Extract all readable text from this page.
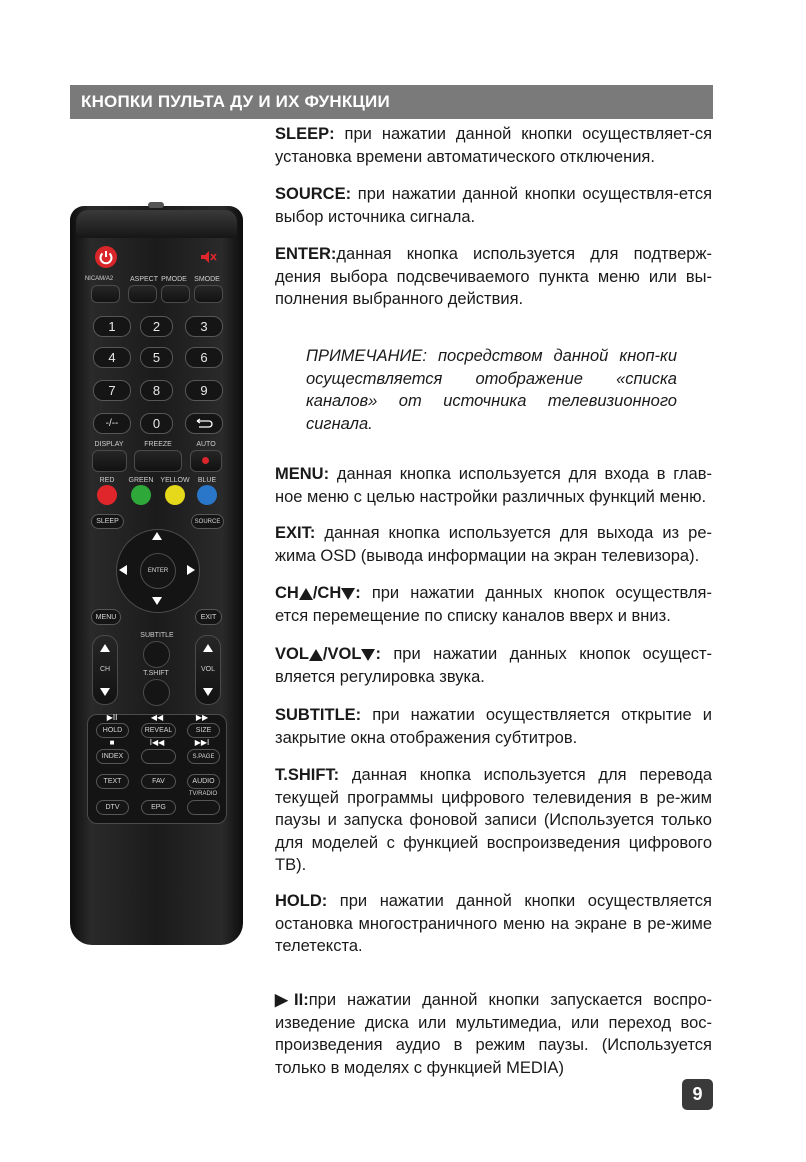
КНОПКИ ПУЛЬТА ДУ И ИХ ФУНКЦИИ
NICAM/A2 ASPECT PMODE SMODE
1	2	3
4	5	6
7	8	9
-/--	0
DISPLAY	FREEZE	AUTO
RED GREEN YELLOW BLUE
SLEEP	SOURCE
ENTER
MENU	EXIT
SUBTITLE
T.SHIFT
CH	VOL
▶II	◀◀	▶▶
HOLD	REVEAL	SIZE
■	I◀◀	▶▶I
INDEX	S.PAGE
TEXT	FAV	AUDIO
TV/RADIO
DTV	EPG
SLEEP: при нажатии данной кнопки осуществляет-ся установка времени автоматического отключения.
SOURCE: при нажатии данной кнопки осуществля-ется выбор источника сигнала.
ENTER:данная кнопка используется для подтверж-дения выбора подсвечиваемого пункта меню или вы-полнения выбранного действия.
ПРИМЕЧАНИЕ: посредством данной кноп-ки осуществляется отображение «списка каналов» от источника телевизионного сигнала.
MENU: данная кнопка используется для входа в глав-ное меню с целью настройки различных функций меню.
EXIT: данная кнопка используется для выхода из ре-жима OSD (вывода информации на экран телевизора).
CH /CH : при нажатии данных кнопок осуществля-ется перемещение по списку каналов вверх и вниз.
VOL /VOL : при нажатии данных кнопок осущест-вляется регулировка звука.
SUBTITLE: при нажатии осуществляется открытие и закрытие окна отображения субтитров.
T.SHIFT: данная кнопка используется для перевода текущей программы цифрового телевидения в ре-жим паузы и запуска фоновой записи (Используется только для моделей с функцией воспроизведения цифрового ТВ).
HOLD: при нажатии данной кнопки осуществляется остановка многостраничного меню на экране в ре-жиме телетекста.
▶II:при нажатии данной кнопки запускается воспро-изведение диска или мультимедиа, или переход вос-произведения аудио в режим паузы. (Используется только в моделях с функцией MEDIA)
9
